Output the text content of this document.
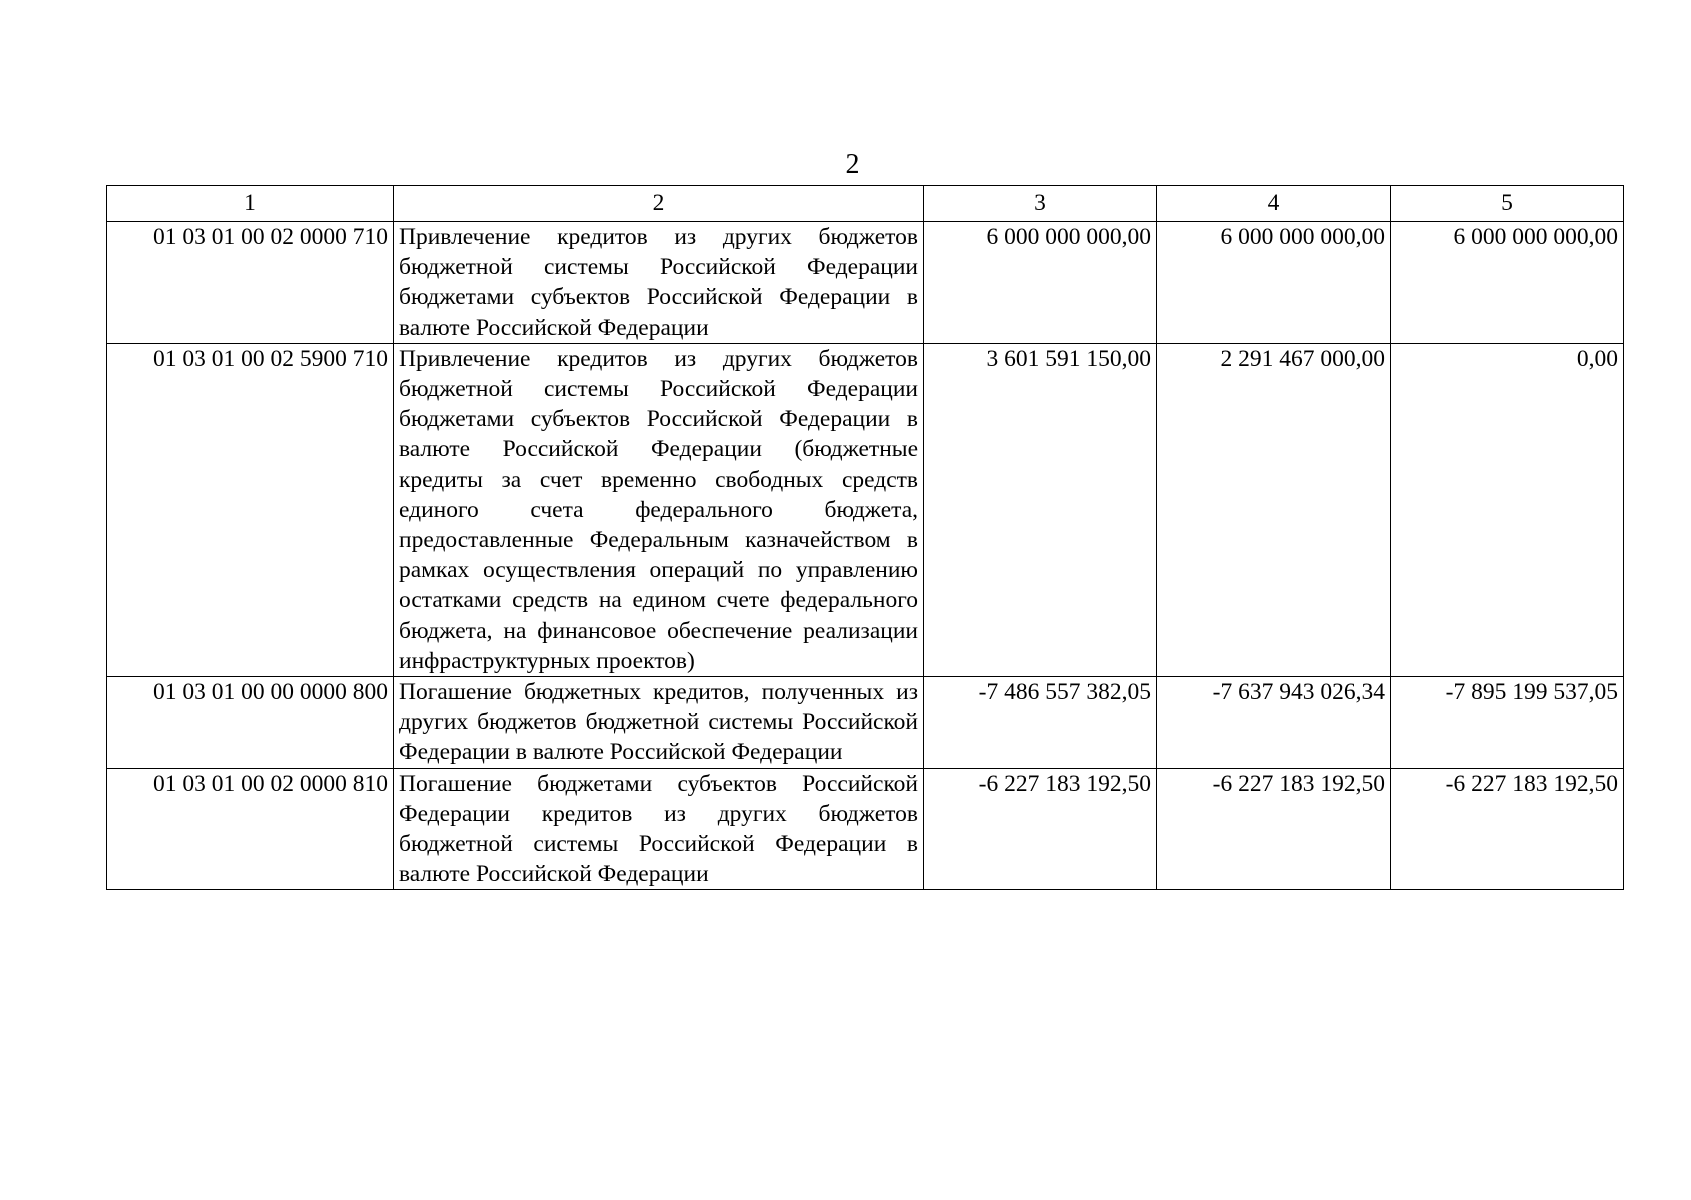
2

1	2	3	4	5
01 03 01 00 02 0000 710	Привлечение кредитов из других бюджетов бюджетной системы Российской Федерации бюджетами субъектов Российской Федерации в валюте Российской Федерации	6 000 000 000,00	6 000 000 000,00	6 000 000 000,00
01 03 01 00 02 5900 710	Привлечение кредитов из других бюджетов бюджетной системы Российской Федерации бюджетами субъектов Российской Федерации в валюте Российской Федерации (бюджетные кредиты за счет временно свободных средств единого счета федерального бюджета, предоставленные Федеральным казначейством в рамках осуществления операций по управлению остатками средств на едином счете федерального бюджета, на финансовое обеспечение реализации инфраструктурных проектов)	3 601 591 150,00	2 291 467 000,00	0,00
01 03 01 00 00 0000 800	Погашение бюджетных кредитов, полученных из других бюджетов бюджетной системы Российской Федерации в валюте Российской Федерации	-7 486 557 382,05	-7 637 943 026,34	-7 895 199 537,05
01 03 01 00 02 0000 810	Погашение бюджетами субъектов Российской Федерации кредитов из других бюджетов бюджетной системы Российской Федерации в валюте Российской Федерации	-6 227 183 192,50	-6 227 183 192,50	-6 227 183 192,50
